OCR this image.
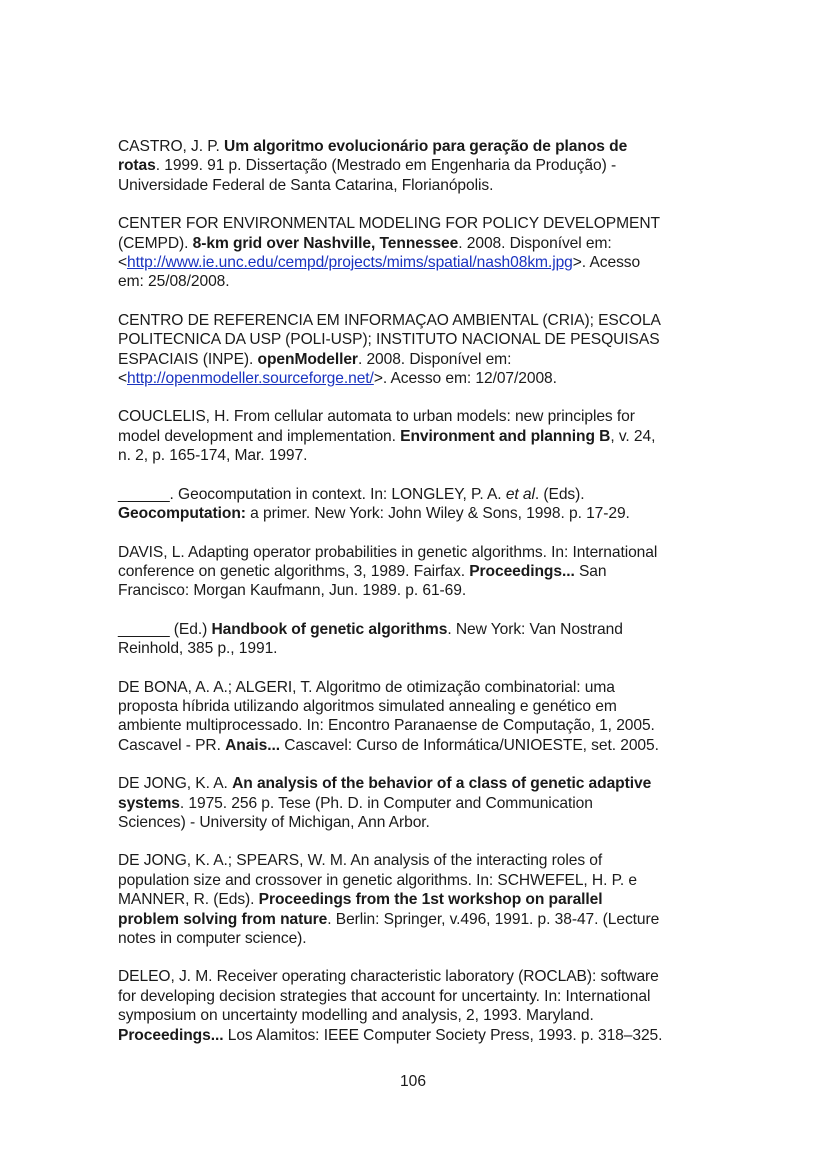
CASTRO, J. P. Um algoritmo evolucionário para geração de planos de
rotas. 1999. 91 p. Dissertação (Mestrado em Engenharia da Produção) -
Universidade Federal de Santa Catarina, Florianópolis.
CENTER FOR ENVIRONMENTAL MODELING FOR POLICY DEVELOPMENT
(CEMPD). 8-km grid over Nashville, Tennessee. 2008. Disponível em:
<http://www.ie.unc.edu/cempd/projects/mims/spatial/nash08km.jpg>. Acesso
em: 25/08/2008.
CENTRO DE REFERENCIA EM INFORMAÇAO AMBIENTAL (CRIA); ESCOLA
POLITECNICA DA USP (POLI-USP); INSTITUTO NACIONAL DE PESQUISAS
ESPACIAIS (INPE). openModeller. 2008. Disponível em:
<http://openmodeller.sourceforge.net/>. Acesso em: 12/07/2008.
COUCLELIS, H. From cellular automata to urban models: new principles for
model development and implementation. Environment and planning B, v. 24,
n. 2, p. 165-174, Mar. 1997.
______. Geocomputation in context. In: LONGLEY, P. A. et al. (Eds).
Geocomputation: a primer. New York: John Wiley & Sons, 1998. p. 17-29.
DAVIS, L. Adapting operator probabilities in genetic algorithms. In: International
conference on genetic algorithms, 3, 1989. Fairfax. Proceedings... San
Francisco: Morgan Kaufmann, Jun. 1989. p. 61-69.
______ (Ed.) Handbook of genetic algorithms. New York: Van Nostrand
Reinhold, 385 p., 1991.
DE BONA, A. A.; ALGERI, T. Algoritmo de otimização combinatorial: uma
proposta híbrida utilizando algoritmos simulated annealing e genético em
ambiente multiprocessado. In: Encontro Paranaense de Computação, 1, 2005.
Cascavel - PR. Anais... Cascavel: Curso de Informática/UNIOESTE, set. 2005.
DE JONG, K. A. An analysis of the behavior of a class of genetic adaptive
systems. 1975. 256 p. Tese (Ph. D. in Computer and Communication
Sciences) - University of Michigan, Ann Arbor.
DE JONG, K. A.; SPEARS, W. M. An analysis of the interacting roles of
population size and crossover in genetic algorithms. In: SCHWEFEL, H. P. e
MANNER, R. (Eds). Proceedings from the 1st workshop on parallel
problem solving from nature. Berlin: Springer, v.496, 1991. p. 38-47. (Lecture
notes in computer science).
DELEO, J. M. Receiver operating characteristic laboratory (ROCLAB): software
for developing decision strategies that account for uncertainty. In: International
symposium on uncertainty modelling and analysis, 2, 1993. Maryland.
Proceedings... Los Alamitos: IEEE Computer Society Press, 1993. p. 318–325.
106
